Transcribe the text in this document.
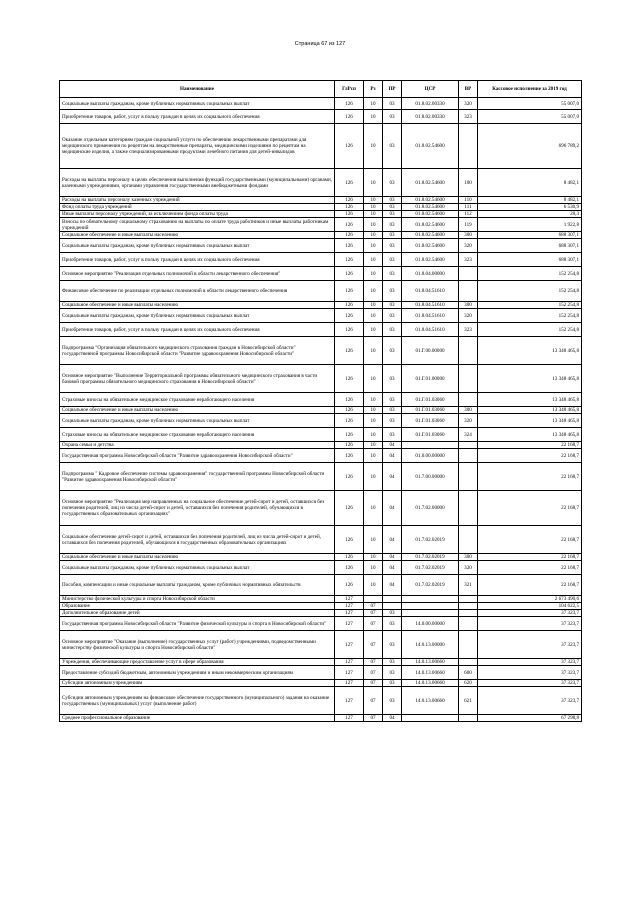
Страница 67 из 127
Наименование	ГлРсп	Рз	ПР	ЦСР	ВР	Кассовое исполнение за 2019 год
Социальные выплаты гражданам, кроме публичных нормативных социальных выплат	126	10	03	01.8.02.00330	320	55 007,0
Приобретение товаров, работ, услуг в пользу граждан в целях их социального обеспечения	126	10	03	01.8.02.00330	323	55 007,0
Оказание отдельным категориям граждан социальной услуги по обеспечению лекарственными препаратами для медицинского применения по рецептам на лекарственные препараты, медицинскими изделиями по рецептам на медицинские изделия, а также специализированными продуктами лечебного питания для детей-инвалидов	126	10	03	01.8.02.54600		696 789,2
Расходы на выплаты персоналу в целях обеспечения выполнения функций государственными (муниципальными) органами, казенными учреждениями, органами управления государственными внебюджетными фондами	126	10	03	01.8.02.54600	100	8 482,1
Расходы на выплаты персоналу казенных учреждений	126	10	03	01.8.02.54600	110	8 482,1
Фонд оплаты труда учреждений	126	10	03	01.8.02.54600	111	6 530,9
Иные выплаты персоналу учреждений, за исключением фонда оплаты труда	126	10	03	01.8.02.54600	112	28,3
Взносы по обязательному социальному страхованию на выплаты по оплате труда работников и иные выплаты работникам учреждений	126	10	03	01.8.02.54600	119	1 922,8
Социальное обеспечение и иные выплаты населению	126	10	03	01.8.02.54600	300	688 307,1
Социальные выплаты гражданам, кроме публичных нормативных социальных выплат	126	10	03	01.8.02.54600	320	688 307,1
Приобретение товаров, работ, услуг в пользу граждан в целях их социального обеспечения	126	10	03	01.8.02.54600	323	688 307,1
Основное мероприятие "Реализация отдельных полномочий в области лекарственного обеспечения"	126	10	03	01.8.04.00000		152 254,8
Финансовое обеспечение по реализации отдельных полномочий в области лекарственного обеспечения	126	10	03	01.8.04.51610		152 254,8
Социальное обеспечение и иные выплаты населению	126	10	03	01.8.04.51610	300	152 254,8
Социальные выплаты гражданам, кроме публичных нормативных социальных выплат	126	10	03	01.8.04.51610	320	152 254,8
Приобретение товаров, работ, услуг в пользу граждан в целях их социального обеспечения	126	10	03	01.8.04.51610	323	152 254,8
Подпрограмма "Организация обязательного медицинского страхования граждан в Новосибирской области" государственной программы Новосибирской области "Развитие здравоохранения Новосибирской области"	126	10	03	01.Г.00.00000		13 348 465,8
Основное мероприятие "Выполнение Территориальной программы обязательного медицинского страхования в части базовой программы обязательного медицинского страхования в Новосибирской области"	126	10	03	01.Г.01.00000		13 348 465,8
Страховые взносы на обязательное медицинское страхование неработающего населения	126	10	03	01.Г.01.03060		13 348 465,8
Социальное обеспечение и иные выплаты населению	126	10	03	01.Г.01.03060	300	13 348 465,8
Социальные выплаты гражданам, кроме публичных нормативных социальных выплат	126	10	03	01.Г.01.03060	320	13 348 465,8
Страховые взносы на обязательное медицинское страхование неработающего населения	126	10	03	01.Г.01.03060	324	13 348 465,8
Охрана семьи и детства	126	10	04			22 168,7
Государственная программа Новосибирской области "Развитие здравоохранения Новосибирской области"	126	10	04	01.0.00.00000		22 168,7
Подпрограмма " Кадровое обеспечение системы здравоохранения" государственной программы Новосибирской области "Развитие здравоохранения Новосибирской области"	126	10	04	01.7.00.00000		22 168,7
Основное мероприятие "Реализация мер направленных на социальное обеспечение детей-сирот и детей, оставшихся без попечения родителей, лиц из числа детей-сирот и детей, оставшихся без попечения родителей, обучающихся в государственных образовательных организациях"	126	10	04	01.7.02.00000		22 168,7
Социальное обеспечение детей-сирот и детей, оставшихся без попечения родителей, лиц из числа детей-сирот и детей, оставшихся без попечения родителей, обучающихся в государственных образовательных организациях	126	10	04	01.7.02.02019		22 168,7
Социальное обеспечение и иные выплаты населению	126	10	04	01.7.02.02019	300	22 168,7
Социальные выплаты гражданам, кроме публичных нормативных социальных выплат	126	10	04	01.7.02.02019	320	22 168,7
Пособия, компенсации и иные социальные выплаты гражданам, кроме публичных нормативных обязательств	126	10	04	01.7.02.02019	321	22 168,7
Министерство физической культуры и спорта Новосибирской области	127					2 673 490,6
Образование	127	07				104 622,5
Дополнительное образование детей	127	07	03			37 323,7
Государственная программа Новосибирской области "Развитие физической культуры и спорта в Новосибирской области"	127	07	03	14.0.00.00000		37 323,7
Основное мероприятие "Оказание (выполнение) государственных услуг (работ) учреждениями, подведомственными министерству физической культуры и спорта Новосибирской области"	127	07	03	14.0.13.00000		37 323,7
Учреждения, обеспечивающие предоставление услуг в сфере образования	127	07	03	14.0.13.00660		37 323,7
Предоставление субсидий бюджетным, автономным учреждениям и иным некоммерческим организациям	127	07	03	14.0.13.00660	600	37 323,7
Субсидии автономным учреждениям	127	07	03	14.0.13.00660	620	37 323,7
Субсидии автономным учреждениям на финансовое обеспечение государственного (муниципального) задания на оказание государственных (муниципальных) услуг (выполнение работ)	127	07	03	14.0.13.00660	621	37 323,7
Среднее профессиональное образование	127	07	04			67 298,8
